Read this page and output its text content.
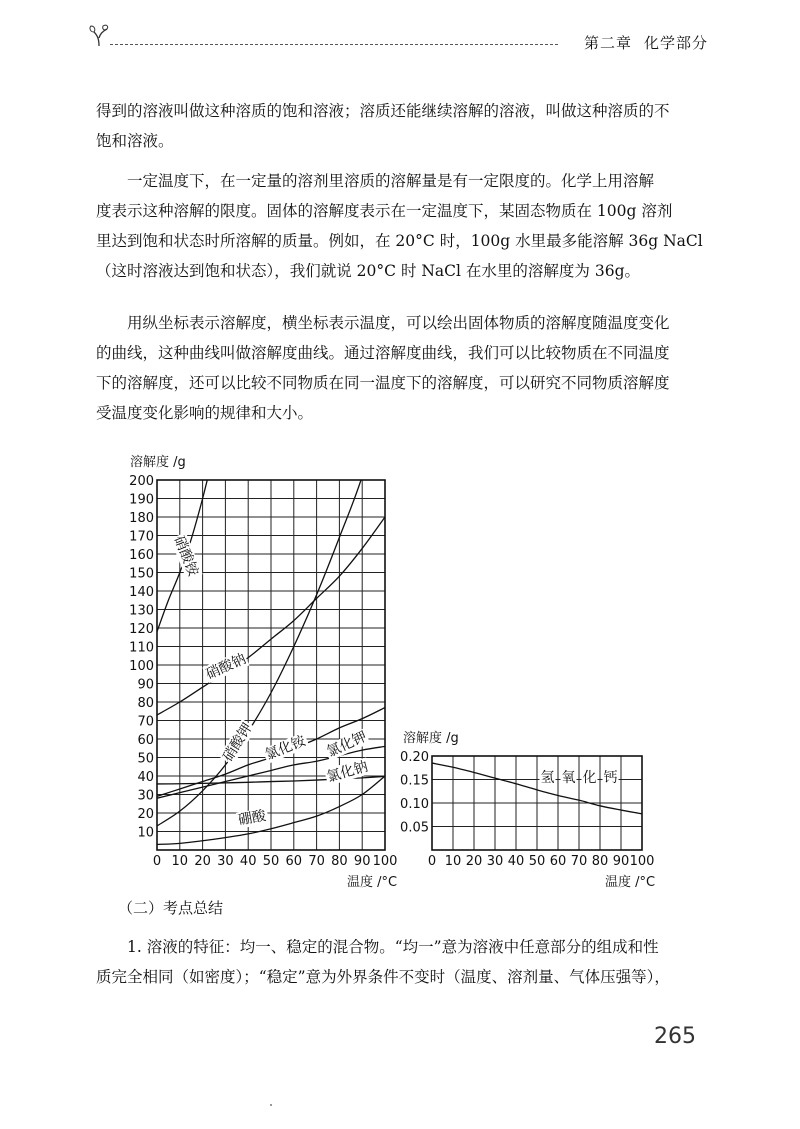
第二章 化学部分
得到的溶液叫做这种溶质的饱和溶液；溶质还能继续溶解的溶液，叫做这种溶质的不
饱和溶液。
一定温度下，在一定量的溶剂里溶质的溶解量是有一定限度的。化学上用溶解
度表示这种溶解的限度。固体的溶解度表示在一定温度下，某固态物质在 100g 溶剂
里达到饱和状态时所溶解的质量。例如，在 20°C 时，100g 水里最多能溶解 36g NaCl
（这时溶液达到饱和状态），我们就说 20°C 时 NaCl 在水里的溶解度为 36g。
用纵坐标表示溶解度，横坐标表示温度，可以绘出固体物质的溶解度随温度变化
的曲线，这种曲线叫做溶解度曲线。通过溶解度曲线，我们可以比较物质在不同温度
下的溶解度，还可以比较不同物质在同一温度下的溶解度，可以研究不同物质溶解度
受温度变化影响的规律和大小。
0 10 20 30 40 50 60 70 80 90 100
10
20
30
40
50
60
70
80
90
100
110
120
130
140
150
160
170
180
190
200
溶解度 /g
温度 /°C
硝酸铵
硝酸钠
硝酸钾 氯化铵 氯化钾
氯化钠
硼酸
0 10 20 30 40 50 60 70 80 90 100
0.05
0.10
0.15
0.20
溶解度 /g
温度 /°C
氢 氧 化 钙
（二）考点总结
1. 溶液的特征：均一、稳定的混合物。“均一”意为溶液中任意部分的组成和性
质完全相同（如密度）；“稳定”意为外界条件不变时（温度、溶剂量、气体压强等），
265
